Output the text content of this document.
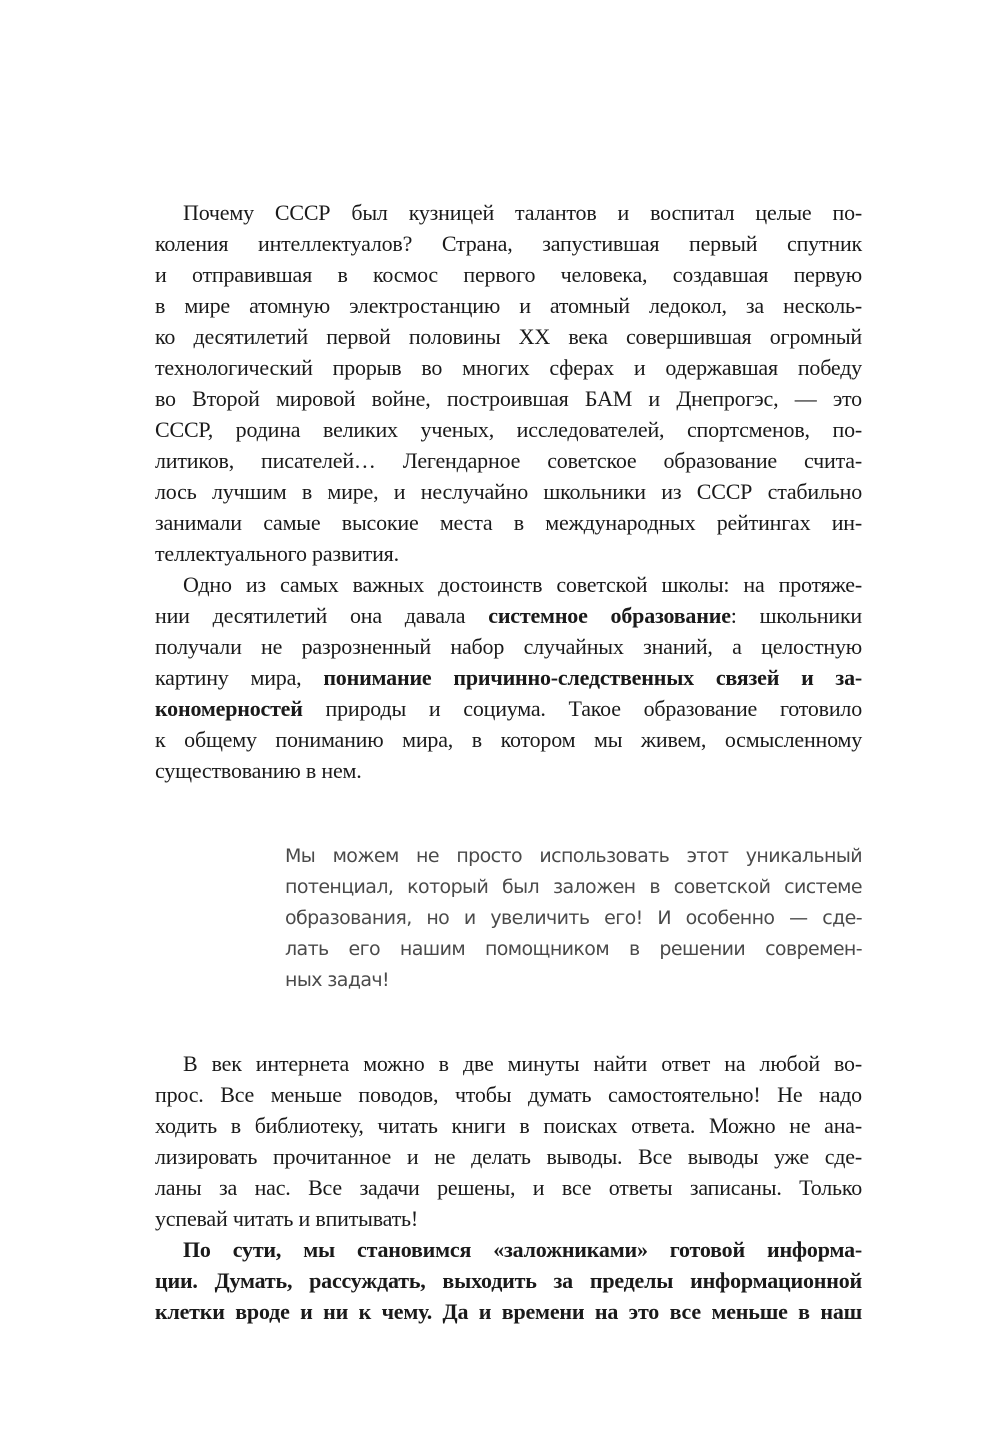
Почему СССР был кузницей талантов и воспитал целые по-
коления интеллектуалов? Страна, запустившая первый спутник
и отправившая в космос первого человека, создавшая первую
в мире атомную электростанцию и атомный ледокол, за несколь-
ко десятилетий первой половины XX века совершившая огромный
технологический прорыв во многих сферах и одержавшая победу
во Второй мировой войне, построившая БАМ и Днепрогэс, — это
СССР, родина великих ученых, исследователей, спортсменов, по-
литиков, писателей… Легендарное советское образование счита-
лось лучшим в мире, и неслучайно школьники из СССР стабильно
занимали самые высокие места в международных рейтингах ин-
теллектуального развития.
Одно из самых важных достоинств советской школы: на протяже-
нии десятилетий она давала системное образование: школьники
получали не разрозненный набор случайных знаний, а целостную
картину мира, понимание причинно-следственных связей и за-
кономерностей природы и социума. Такое образование готовило
к общему пониманию мира, в котором мы живем, осмысленному
существованию в нем.
Мы можем не просто использовать этот уникальный
потенциал, который был заложен в советской системе
образования, но и увеличить его! И особенно — сде-
лать его нашим помощником в решении современ-
ных задач!
В век интернета можно в две минуты найти ответ на любой во-
прос. Все меньше поводов, чтобы думать самостоятельно! Не надо
ходить в библиотеку, читать книги в поисках ответа. Можно не ана-
лизировать прочитанное и не делать выводы. Все выводы уже сде-
ланы за нас. Все задачи решены, и все ответы записаны. Только
успевай читать и впитывать!
По сути, мы становимся «заложниками» готовой информа-
ции. Думать, рассуждать, выходить за пределы информационной
клетки вроде и ни к чему. Да и времени на это все меньше в наш
